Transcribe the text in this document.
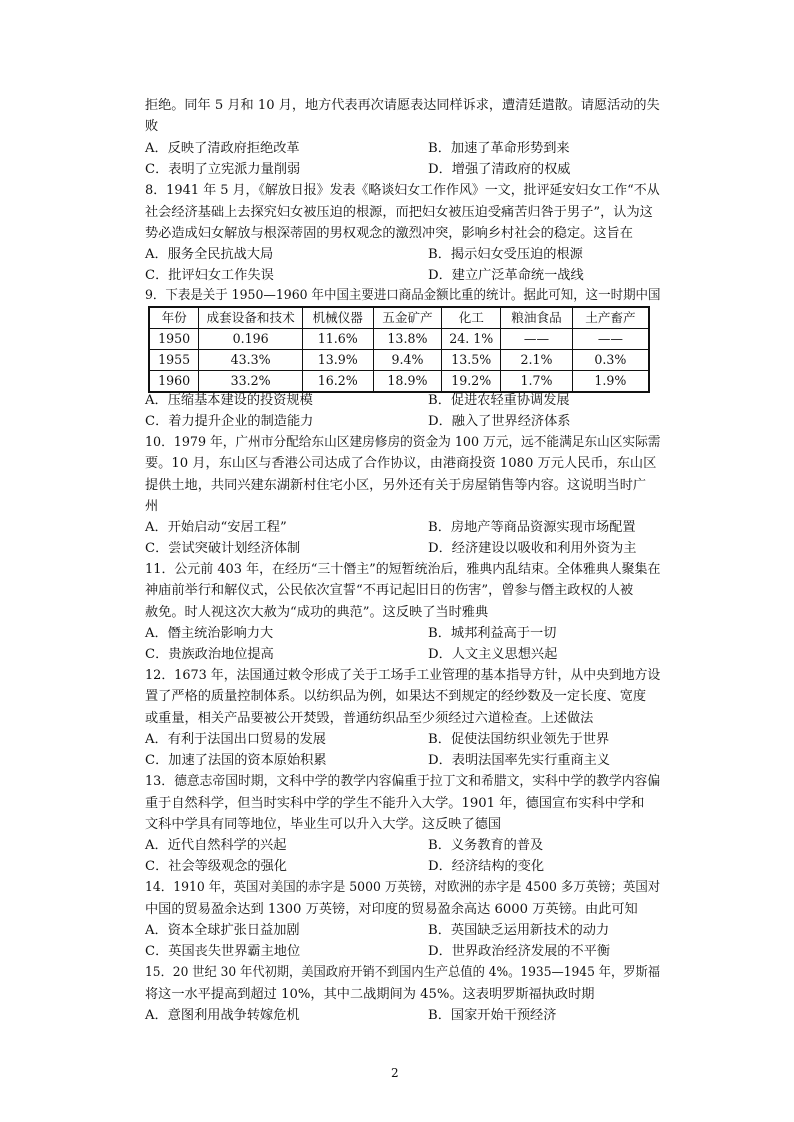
拒绝。同年 5 月和 10 月，地方代表再次请愿表达同样诉求，遭清廷遣散。请愿活动的失
败
A．反映了清政府拒绝改革	B．加速了革命形势到来
C．表明了立宪派力量削弱	D．增强了清政府的权威
8．1941 年 5 月，《解放日报》发表《略谈妇女工作作风》一文，批评延安妇女工作“不从
社会经济基础上去探究妇女被压迫的根源，而把妇女被压迫受痛苦归咎于男子”，认为这
势必造成妇女解放与根深蒂固的男权观念的激烈冲突，影响乡村社会的稳定。这旨在
A．服务全民抗战大局	B．揭示妇女受压迫的根源
C．批评妇女工作失误	D．建立广泛革命统一战线
9．下表是关于 1950—1960 年中国主要进口商品金额比重的统计。据此可知，这一时期中国
年份	成套设备和技术	机械仪器	五金矿产	化工	粮油食品	土产畜产
1950	0.196	11.6%	13.8%	24. 1%	——	——
1955	43.3%	13.9%	9.4%	13.5%	2.1%	0.3%
1960	33.2%	16.2%	18.9%	19.2%	1.7%	1.9%
A．压缩基本建设的投资规模	B．促进农轻重协调发展
C．着力提升企业的制造能力	D．融入了世界经济体系
10．1979 年，广州市分配给东山区建房修房的资金为 100 万元，远不能满足东山区实际需
要。10 月，东山区与香港公司达成了合作协议，由港商投资 1080 万元人民币，东山区
提供土地，共同兴建东湖新村住宅小区，另外还有关于房屋销售等内容。这说明当时广
州
A．开始启动“安居工程”	B．房地产等商品资源实现市场配置
C．尝试突破计划经济体制	D．经济建设以吸收和利用外资为主
11．公元前 403 年，在经历“三十僭主”的短暂统治后，雅典内乱结束。全体雅典人聚集在
神庙前举行和解仪式，公民依次宣誓“不再记起旧日的伤害”，曾参与僭主政权的人被
赦免。时人视这次大赦为“成功的典范”。这反映了当时雅典
A．僭主统治影响力大	B．城邦利益高于一切
C．贵族政治地位提高	D．人文主义思想兴起
12．1673 年，法国通过敕令形成了关于工场手工业管理的基本指导方针，从中央到地方设
置了严格的质量控制体系。以纺织品为例，如果达不到规定的经纱数及一定长度、宽度
或重量，相关产品要被公开焚毁，普通纺织品至少须经过六道检查。上述做法
A．有利于法国出口贸易的发展	B．促使法国纺织业领先于世界
C．加速了法国的资本原始积累	D．表明法国率先实行重商主义
13．德意志帝国时期，文科中学的教学内容偏重于拉丁文和希腊文，实科中学的教学内容偏
重于自然科学，但当时实科中学的学生不能升入大学。1901 年，德国宣布实科中学和
文科中学具有同等地位，毕业生可以升入大学。这反映了德国
A．近代自然科学的兴起	B．义务教育的普及
C．社会等级观念的强化	D．经济结构的变化
14．1910 年，英国对美国的赤字是 5000 万英镑，对欧洲的赤字是 4500 多万英镑；英国对
中国的贸易盈余达到 1300 万英镑，对印度的贸易盈余高达 6000 万英镑。由此可知
A．资本全球扩张日益加剧	B．英国缺乏运用新技术的动力
C．英国丧失世界霸主地位	D．世界政治经济发展的不平衡
15．20 世纪 30 年代初期，美国政府开销不到国内生产总值的 4%。1935—1945 年，罗斯福
将这一水平提高到超过 10%，其中二战期间为 45%。这表明罗斯福执政时期
A．意图利用战争转嫁危机	B．国家开始干预经济
2
